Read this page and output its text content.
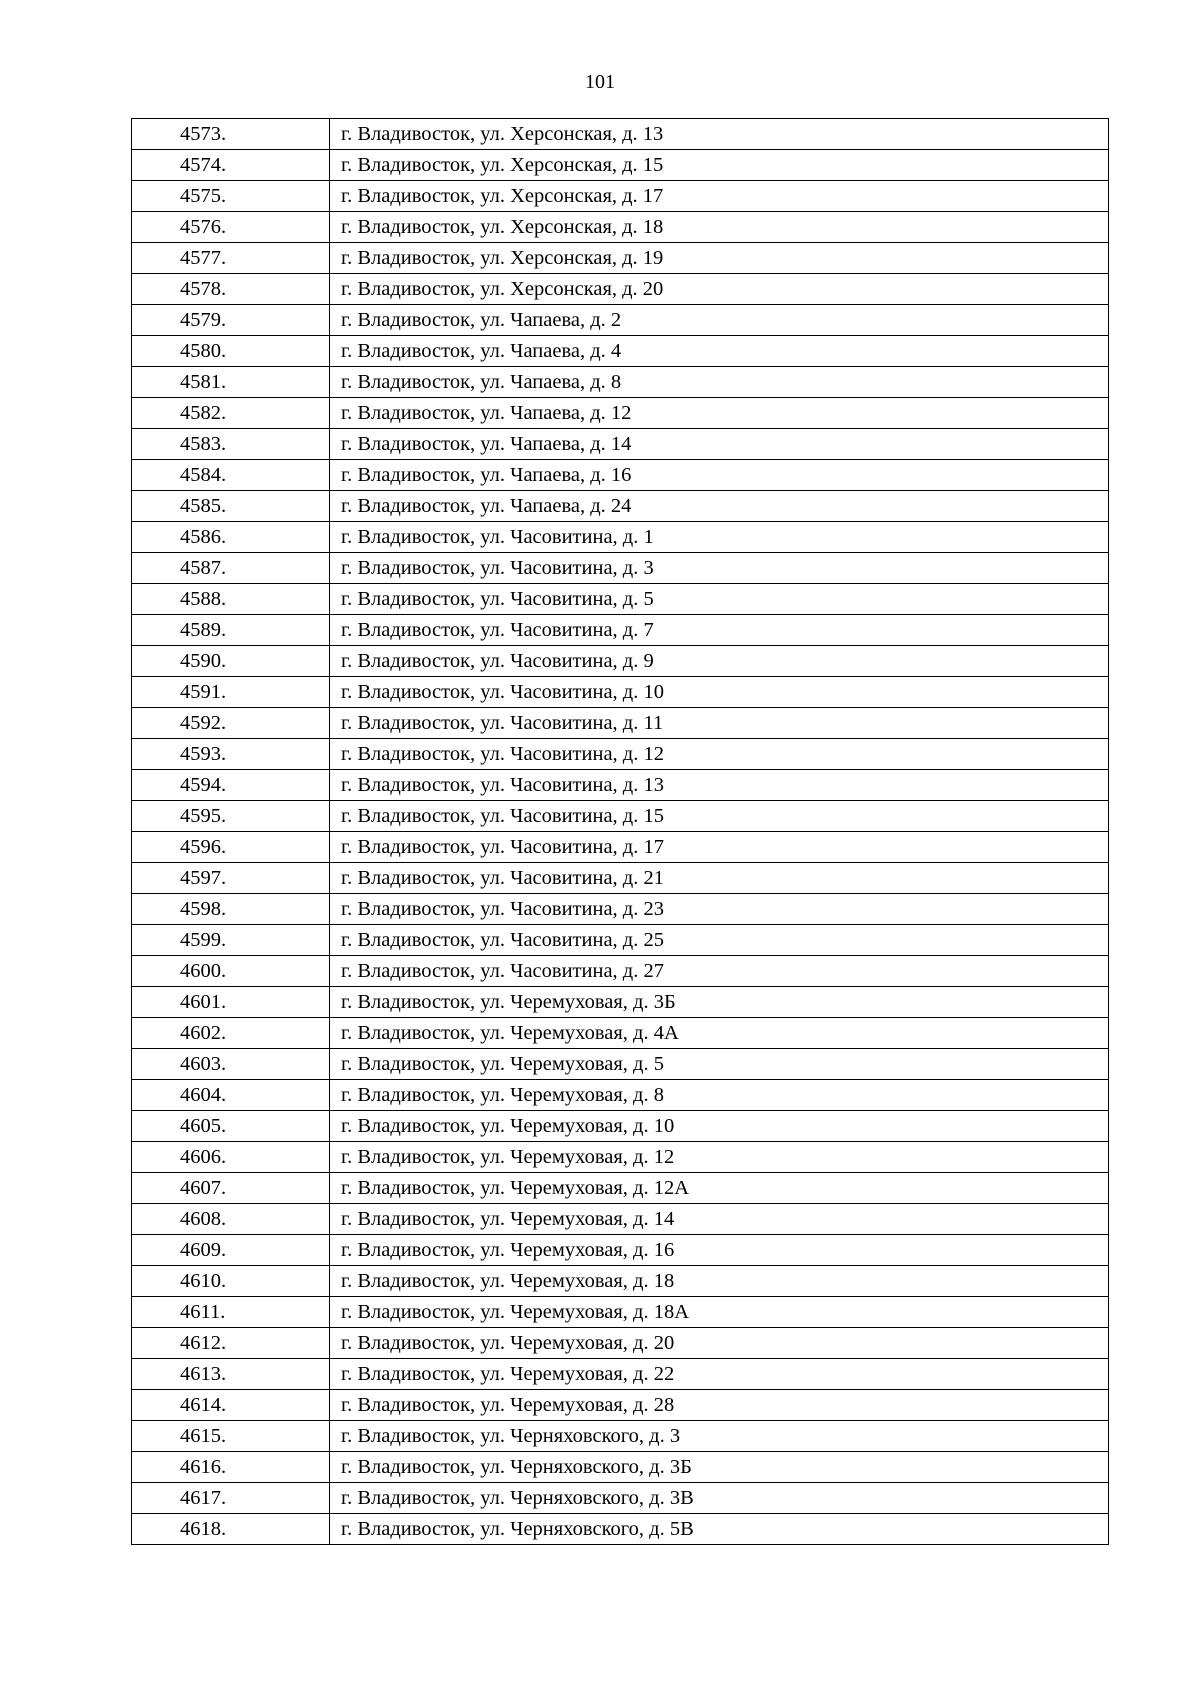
101
4573.	г. Владивосток, ул. Херсонская, д. 13
4574.	г. Владивосток, ул. Херсонская, д. 15
4575.	г. Владивосток, ул. Херсонская, д. 17
4576.	г. Владивосток, ул. Херсонская, д. 18
4577.	г. Владивосток, ул. Херсонская, д. 19
4578.	г. Владивосток, ул. Херсонская, д. 20
4579.	г. Владивосток, ул. Чапаева, д. 2
4580.	г. Владивосток, ул. Чапаева, д. 4
4581.	г. Владивосток, ул. Чапаева, д. 8
4582.	г. Владивосток, ул. Чапаева, д. 12
4583.	г. Владивосток, ул. Чапаева, д. 14
4584.	г. Владивосток, ул. Чапаева, д. 16
4585.	г. Владивосток, ул. Чапаева, д. 24
4586.	г. Владивосток, ул. Часовитина, д. 1
4587.	г. Владивосток, ул. Часовитина, д. 3
4588.	г. Владивосток, ул. Часовитина, д. 5
4589.	г. Владивосток, ул. Часовитина, д. 7
4590.	г. Владивосток, ул. Часовитина, д. 9
4591.	г. Владивосток, ул. Часовитина, д. 10
4592.	г. Владивосток, ул. Часовитина, д. 11
4593.	г. Владивосток, ул. Часовитина, д. 12
4594.	г. Владивосток, ул. Часовитина, д. 13
4595.	г. Владивосток, ул. Часовитина, д. 15
4596.	г. Владивосток, ул. Часовитина, д. 17
4597.	г. Владивосток, ул. Часовитина, д. 21
4598.	г. Владивосток, ул. Часовитина, д. 23
4599.	г. Владивосток, ул. Часовитина, д. 25
4600.	г. Владивосток, ул. Часовитина, д. 27
4601.	г. Владивосток, ул. Черемуховая, д. 3Б
4602.	г. Владивосток, ул. Черемуховая, д. 4А
4603.	г. Владивосток, ул. Черемуховая, д. 5
4604.	г. Владивосток, ул. Черемуховая, д. 8
4605.	г. Владивосток, ул. Черемуховая, д. 10
4606.	г. Владивосток, ул. Черемуховая, д. 12
4607.	г. Владивосток, ул. Черемуховая, д. 12А
4608.	г. Владивосток, ул. Черемуховая, д. 14
4609.	г. Владивосток, ул. Черемуховая, д. 16
4610.	г. Владивосток, ул. Черемуховая, д. 18
4611.	г. Владивосток, ул. Черемуховая, д. 18А
4612.	г. Владивосток, ул. Черемуховая, д. 20
4613.	г. Владивосток, ул. Черемуховая, д. 22
4614.	г. Владивосток, ул. Черемуховая, д. 28
4615.	г. Владивосток, ул. Черняховского, д. 3
4616.	г. Владивосток, ул. Черняховского, д. 3Б
4617.	г. Владивосток, ул. Черняховского, д. 3В
4618.	г. Владивосток, ул. Черняховского, д. 5В
